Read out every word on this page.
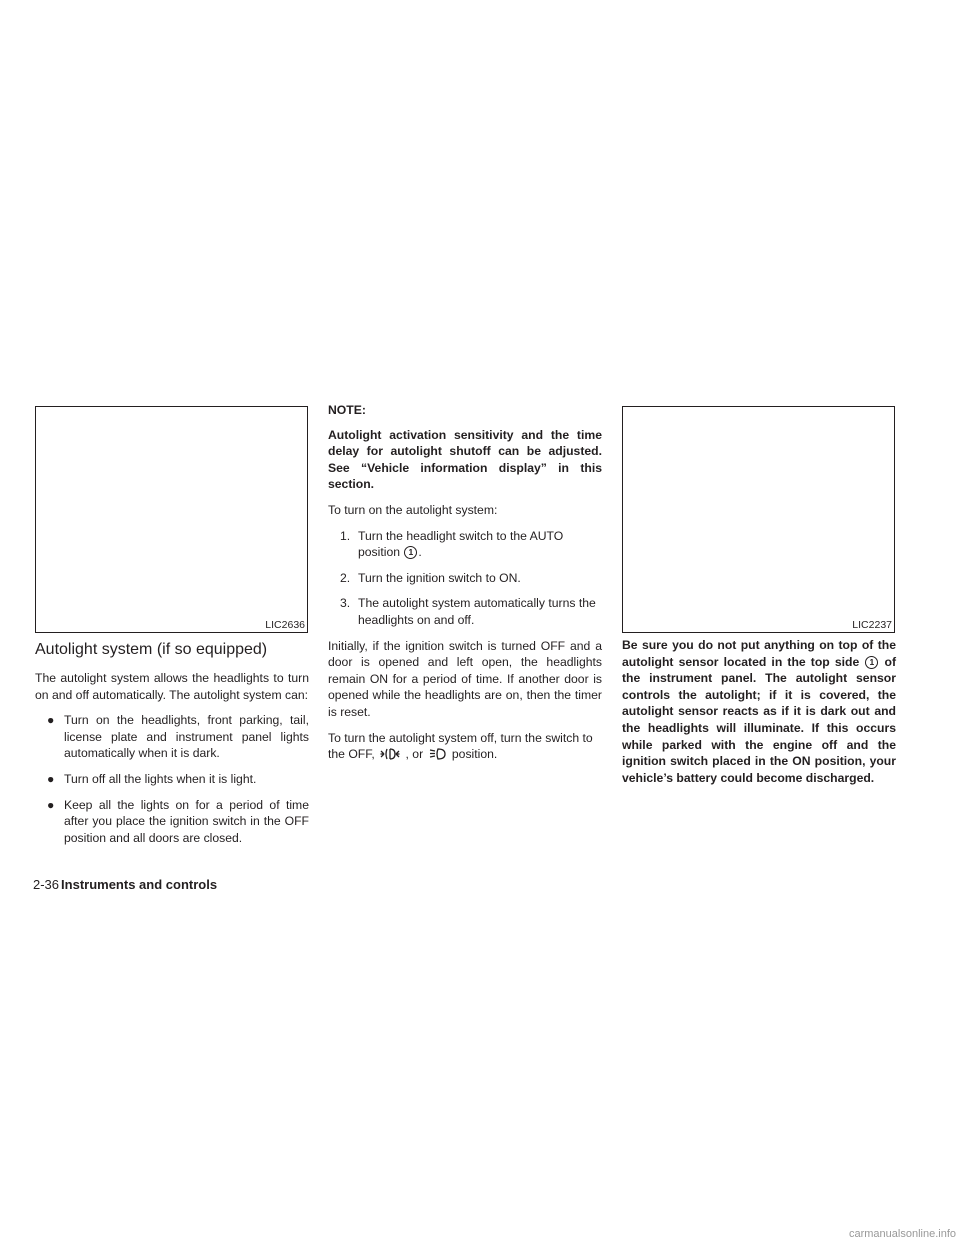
LIC2636
Autolight system (if so equipped)

The autolight system allows the headlights to turn on and off automatically. The autolight system can:

● Turn on the headlights, front parking, tail, license plate and instrument panel lights automatically when it is dark.
● Turn off all the lights when it is light.
● Keep all the lights on for a period of time after you place the ignition switch in the OFF position and all doors are closed.

NOTE:

Autolight activation sensitivity and the time delay for autolight shutoff can be adjusted. See “Vehicle information display” in this section.

To turn on the autolight system:

1. Turn the headlight switch to the AUTO position 1 .
2. Turn the ignition switch to ON.
3. The autolight system automatically turns the headlights on and off.

Initially, if the ignition switch is turned OFF and a door is opened and left open, the headlights remain ON for a period of time. If another door is opened while the headlights are on, then the timer is reset.

To turn the autolight system off, turn the switch to the OFF,	, or position.

LIC2237

Be sure you do not put anything on top of the autolight sensor located in the top side 1 of the instrument panel. The autolight sensor controls the autolight; if it is covered, the autolight sensor reacts as if it is dark out and the headlights will illuminate. If this occurs while parked with the engine off and the ignition switch placed in the ON position, your vehicle’s battery could become discharged.

2-36 Instruments and controls
carmanualsonline.info
